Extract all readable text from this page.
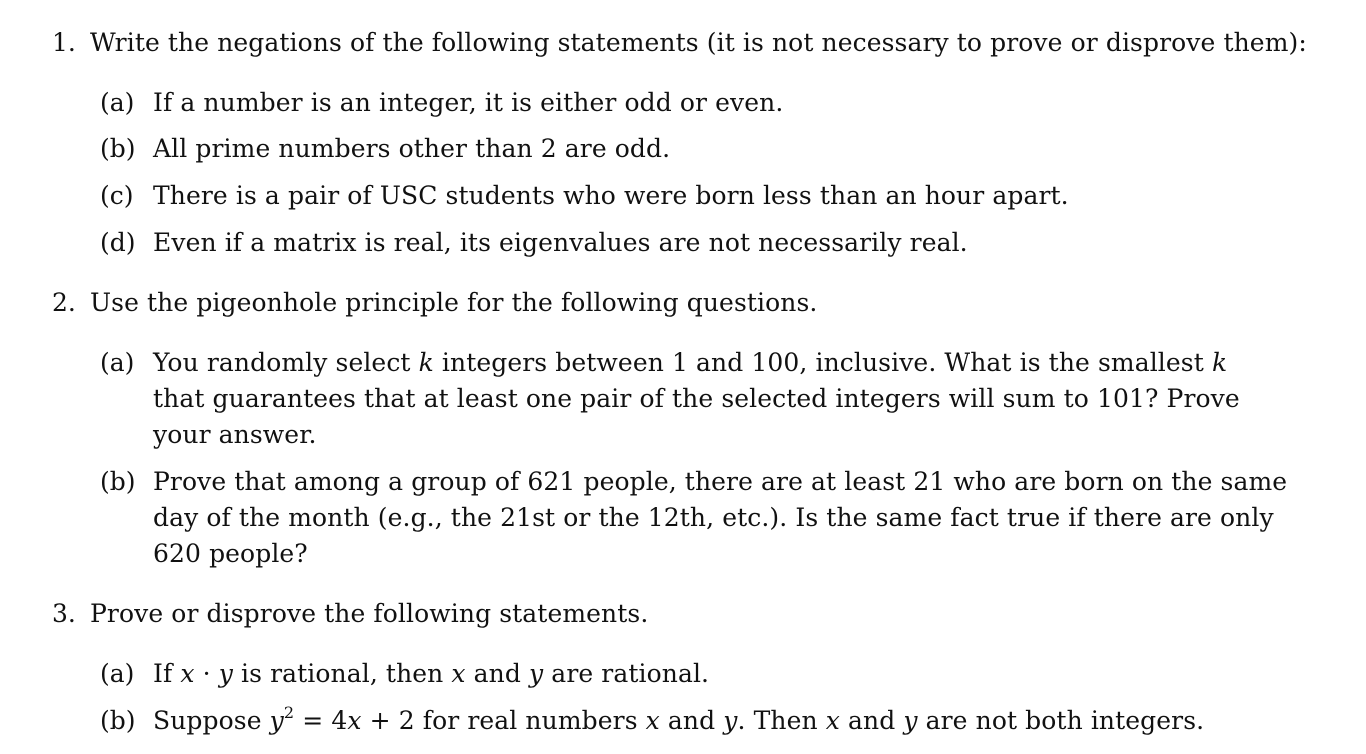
1. Write the negations of the following statements (it is not necessary to prove or disprove them):
(a) If a number is an integer, it is either odd or even.
(b) All prime numbers other than 2 are odd.
(c) There is a pair of USC students who were born less than an hour apart.
(d) Even if a matrix is real, its eigenvalues are not necessarily real.
2. Use the pigeonhole principle for the following questions.
(a) You randomly select k integers between 1 and 100, inclusive. What is the smallest k
that guarantees that at least one pair of the selected integers will sum to 101? Prove
your answer.
(b) Prove that among a group of 621 people, there are at least 21 who are born on the same
day of the month (e.g., the 21st or the 12th, etc.). Is the same fact true if there are only
620 people?
3. Prove or disprove the following statements.
(a) If x · y is rational, then x and y are rational.
(b) Suppose $y^2 = 4x + 2$ for real numbers x and y. Then x and y are not both integers.
